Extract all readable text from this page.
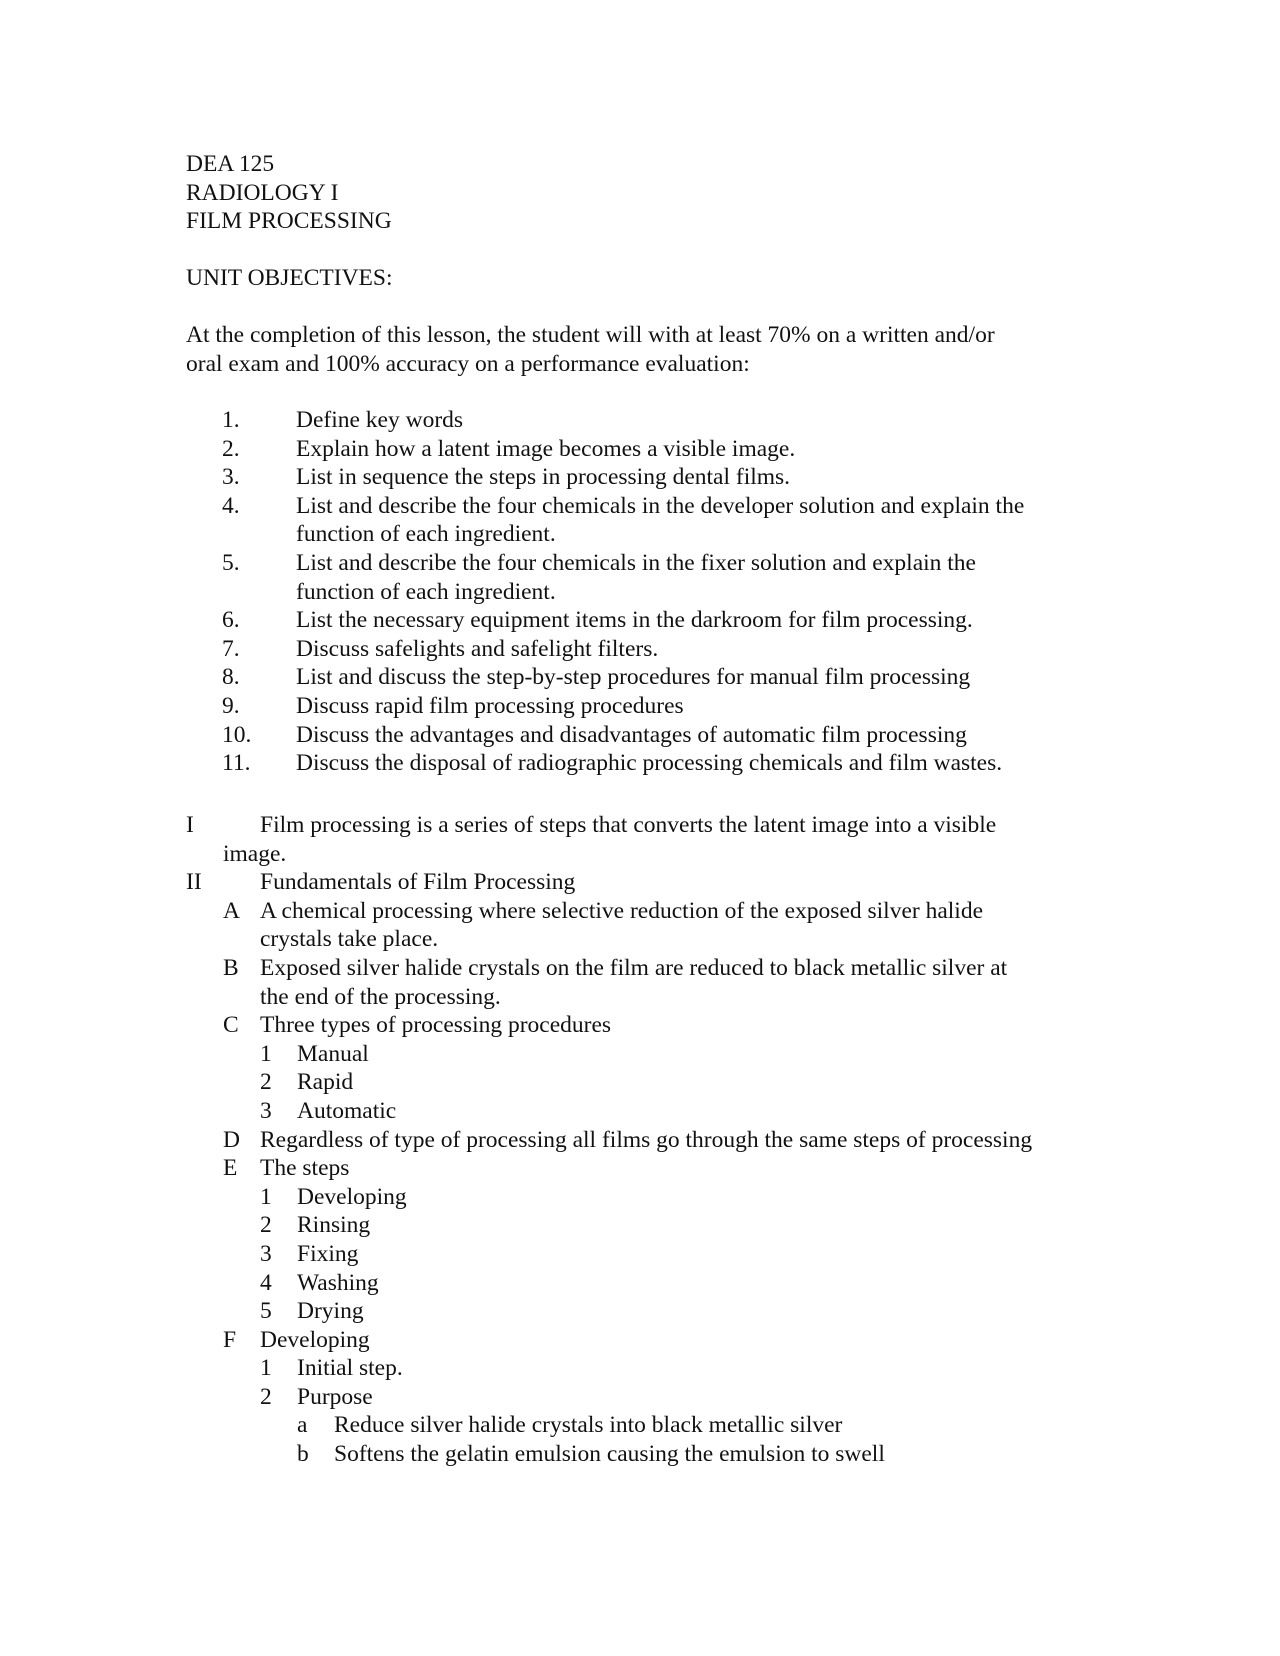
DEA 125
RADIOLOGY I
FILM PROCESSING
UNIT OBJECTIVES:
At the completion of this lesson, the student will with at least 70% on a written and/or
oral exam and 100% accuracy on a performance evaluation:
1.	Define key words
2.	Explain how a latent image becomes a visible image.
3.	List in sequence the steps in processing dental films.
4.	List and describe the four chemicals in the developer solution and explain the
function of each ingredient.
5.	List and describe the four chemicals in the fixer solution and explain the
function of each ingredient.
6.	List the necessary equipment items in the darkroom for film processing.
7.	Discuss safelights and safelight filters.
8.	List and discuss the step-by-step procedures for manual film processing
9.	Discuss rapid film processing procedures
10.	Discuss the advantages and disadvantages of automatic film processing
11.	Discuss the disposal of radiographic processing chemicals and film wastes.
I	Film processing is a series of steps that converts the latent image into a visible
image.
II	Fundamentals of Film Processing
A A chemical processing where selective reduction of the exposed silver halide
crystals take place.
B Exposed silver halide crystals on the film are reduced to black metallic silver at
the end of the processing.
C Three types of processing procedures
1	Manual
2	Rapid
3	Automatic
D Regardless of type of processing all films go through the same steps of processing
E The steps
1	Developing
2	Rinsing
3	Fixing
4	Washing
5	Drying
F	Developing
1	Initial step.
2	Purpose
a	Reduce silver halide crystals into black metallic silver
b	Softens the gelatin emulsion causing the emulsion to swell
